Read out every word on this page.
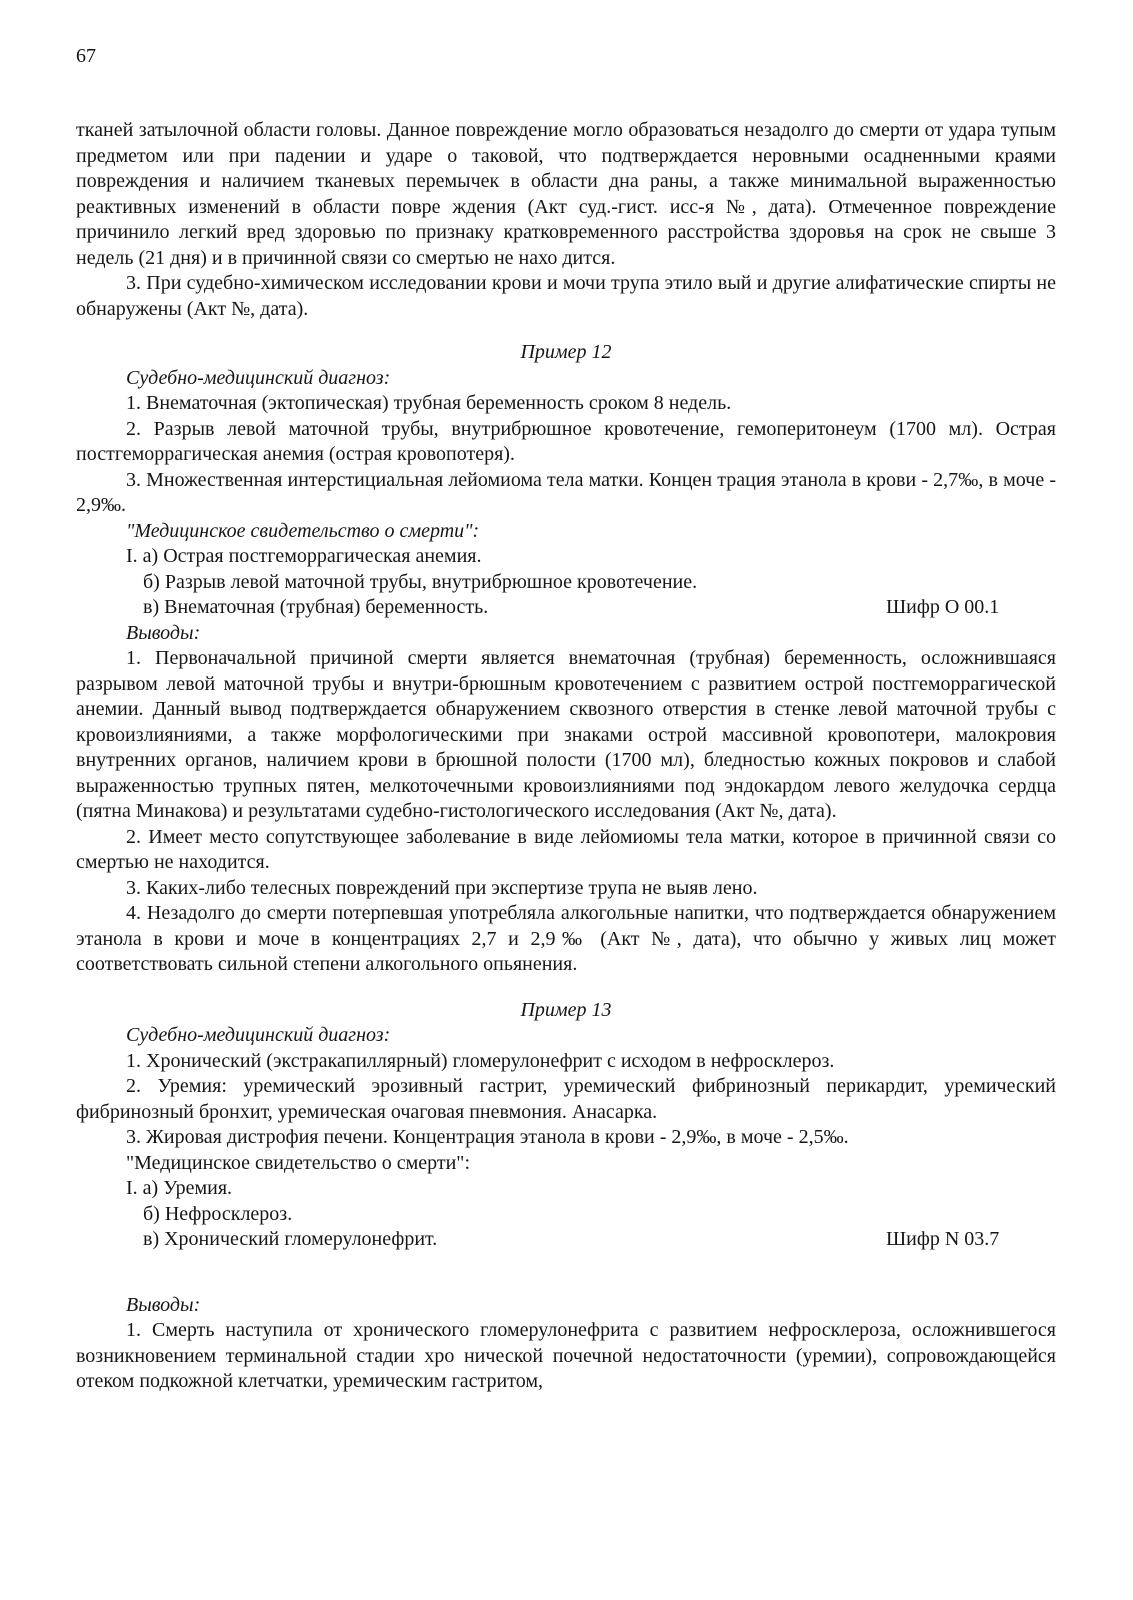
67

тканей затылочной области головы. Данное повреждение могло образоваться незадолго до смерти от удара тупым предметом или при падении и ударе о таковой, что подтверждается неровными осадненными краями повреждения и наличием тканевых перемычек в области дна раны, а также минимальной выраженностью реактивных изменений в области повре ждения (Акт суд.-гист. исс-я №, дата). Отмеченное повреждение причинило легкий вред здоровью по признаку кратковременного расстройства здоровья на срок не свыше 3 недель (21 дня) и в причинной связи со смертью не нахо дится.

3. При судебно-химическом исследовании крови и мочи трупа этило вый и другие алифатические спирты не обнаружены (Акт №, дата).

Пример 12

Судебно-медицинский диагноз:

1. Внематочная (эктопическая) трубная беременность сроком 8 недель.

2. Разрыв левой маточной трубы, внутрибрюшное кровотечение, гемоперитонеум (1700 мл). Острая постгеморрагическая анемия (острая кровопотеря).

3. Множественная интерстициальная лейомиома тела матки. Концен трация этанола в крови - 2,7‰, в моче - 2,9‰.

"Медицинское свидетельство о смерти":

I. а) Острая постгеморрагическая анемия.

б) Разрыв левой маточной трубы, внутрибрюшное кровотечение.

в) Внематочная (трубная) беременность.	Шифр О 00.1

Выводы:

1. Первоначальной причиной смерти является внематочная (трубная) беременность, осложнившаяся разрывом левой маточной трубы и внутри-брюшным кровотечением с развитием острой постгеморрагической анемии. Данный вывод подтверждается обнаружением сквозного отверстия в стенке левой маточной трубы с кровоизлияниями, а также морфологическими при знаками острой массивной кровопотери, малокровия внутренних органов, наличием крови в брюшной полости (1700 мл), бледностью кожных покровов и слабой выраженностью трупных пятен, мелкоточечными кровоизлияниями под эндокардом левого желудочка сердца (пятна Минакова) и результатами судебно-гистологического исследования (Акт №, дата).

2. Имеет место сопутствующее заболевание в виде лейомиомы тела матки, которое в причинной связи со смертью не находится.

3. Каких-либо телесных повреждений при экспертизе трупа не выяв лено.

4. Незадолго до смерти потерпевшая употребляла алкогольные напитки, что подтверждается обнаружением этанола в крови и моче в концентрациях 2,7 и 2,9‰ (Акт №, дата), что обычно у живых лиц может соответствовать сильной степени алкогольного опьянения.

Пример 13

Судебно-медицинский диагноз:

1. Хронический (экстракапиллярный) гломерулонефрит с исходом в нефросклероз.

2. Уремия: уремический эрозивный гастрит, уремический фибринозный перикардит, уремический фибринозный бронхит, уремическая очаговая пневмония. Анасарка.

3. Жировая дистрофия печени. Концентрация этанола в крови - 2,9‰, в моче - 2,5‰.

"Медицинское свидетельство о смерти":

I. а) Уремия.

б) Нефросклероз.

в) Хронический гломерулонефрит.	Шифр N 03.7

Выводы:

1. Смерть наступила от хронического гломерулонефрита с развитием нефросклероза, осложнившегося возникновением терминальной стадии хро нической почечной недостаточности (уремии), сопровождающейся отеком подкожной клетчатки, уремическим гастритом,
